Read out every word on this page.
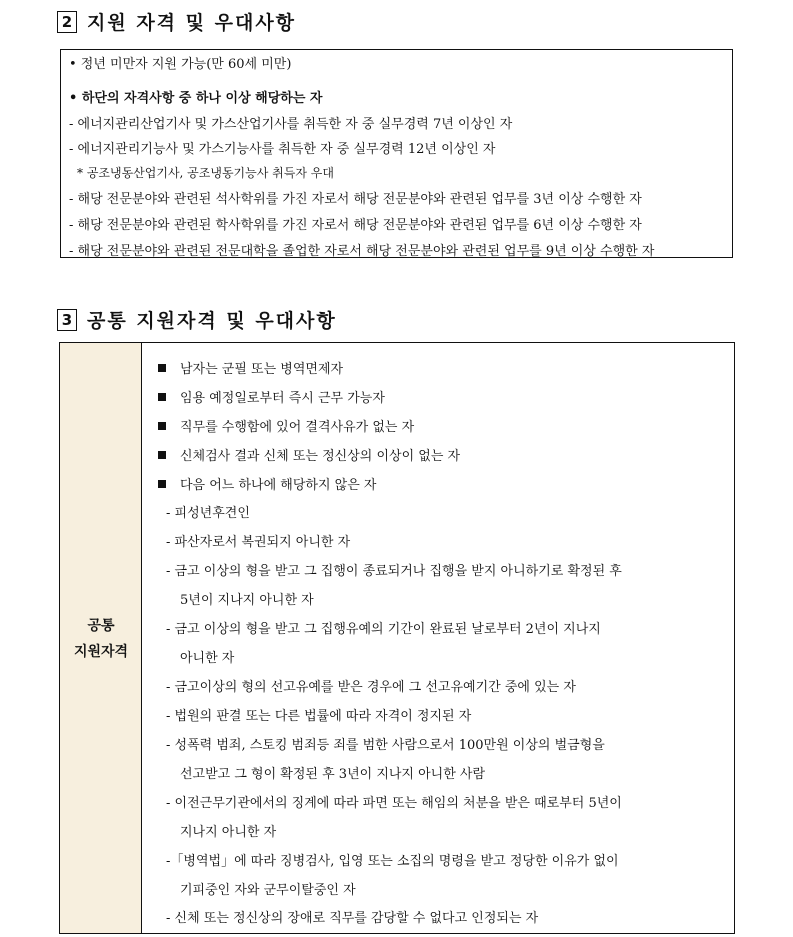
2 지원 자격 및 우대사항
• 정년 미만자 지원 가능(만 60세 미만)
• 하단의 자격사항 중 하나 이상 해당하는 자
- 에너지관리산업기사 및 가스산업기사를 취득한 자 중 실무경력 7년 이상인 자
- 에너지관리기능사 및 가스기능사를 취득한 자 중 실무경력 12년 이상인 자
* 공조냉동산업기사, 공조냉동기능사 취득자 우대
- 해당 전문분야와 관련된 석사학위를 가진 자로서 해당 전문분야와 관련된 업무를 3년 이상 수행한 자
- 해당 전문분야와 관련된 학사학위를 가진 자로서 해당 전문분야와 관련된 업무를 6년 이상 수행한 자
- 해당 전문분야와 관련된 전문대학을 졸업한 자로서 해당 전문분야와 관련된 업무를 9년 이상 수행한 자
3 공통 지원자격 및 우대사항
공통
지원자격
남자는 군필 또는 병역면제자
임용 예정일로부터 즉시 근무 가능자
직무를 수행함에 있어 결격사유가 없는 자
신체검사 결과 신체 또는 정신상의 이상이 없는 자
다음 어느 하나에 해당하지 않은 자
- 피성년후견인
- 파산자로서 복권되지 아니한 자
- 금고 이상의 형을 받고 그 집행이 종료되거나 집행을 받지 아니하기로 확정된 후
5년이 지나지 아니한 자
- 금고 이상의 형을 받고 그 집행유예의 기간이 완료된 날로부터 2년이 지나지
아니한 자
- 금고이상의 형의 선고유예를 받은 경우에 그 선고유예기간 중에 있는 자
- 법원의 판결 또는 다른 법률에 따라 자격이 정지된 자
- 성폭력 범죄, 스토킹 범죄등 죄를 범한 사람으로서 100만원 이상의 벌금형을
선고받고 그 형이 확정된 후 3년이 지나지 아니한 사람
- 이전근무기관에서의 징계에 따라 파면 또는 해임의 처분을 받은 때로부터 5년이
지나지 아니한 자
-「병역법」에 따라 징병검사, 입영 또는 소집의 명령을 받고 정당한 이유가 없이
기피중인 자와 군무이탈중인 자
- 신체 또는 정신상의 장애로 직무를 감당할 수 없다고 인정되는 자
